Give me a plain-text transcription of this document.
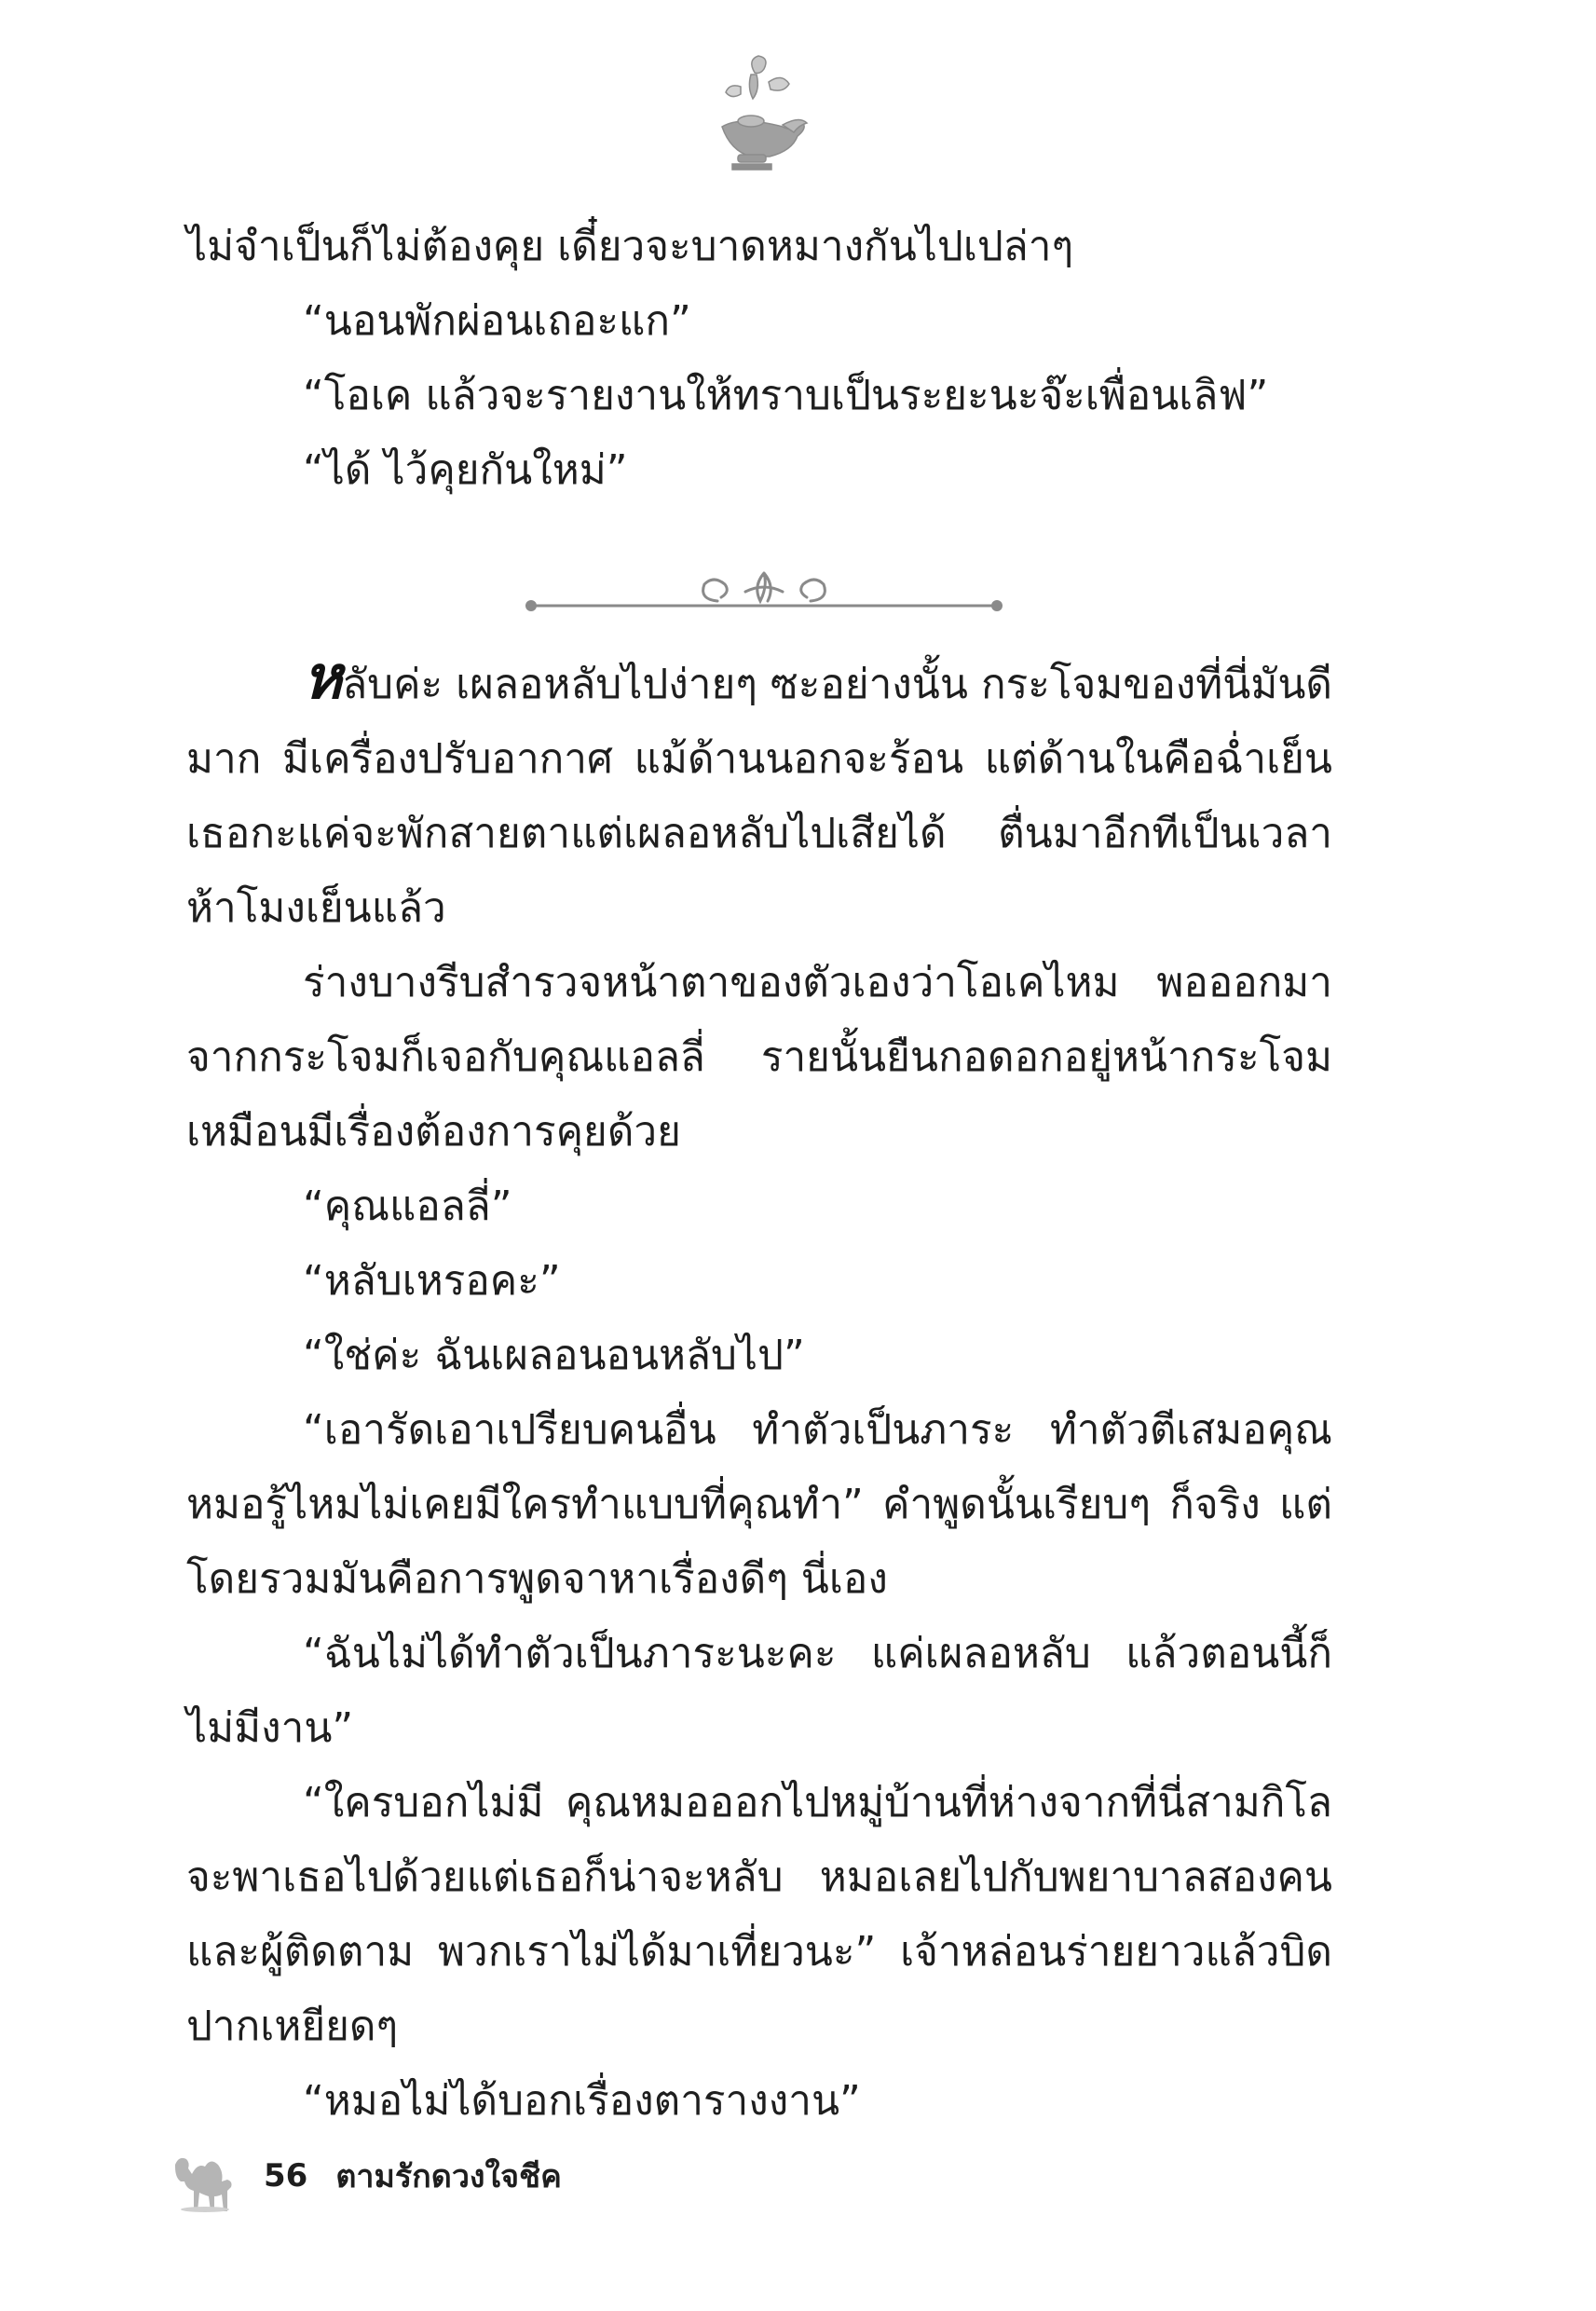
ไม่จำเป็นก็ไม่ต้องคุย เดี๋ยวจะบาดหมางกันไปเปล่าๆ

“นอนพักผ่อนเถอะแก”

“โอเค แล้วจะรายงานให้ทราบเป็นระยะนะจ๊ะเพื่อนเลิฟ”

“ได้ ไว้คุยกันใหม่”

หลับค่ะ เผลอหลับไปง่ายๆ ซะอย่างนั้น กระโจมของที่นี่มันดีมาก มีเครื่องปรับอากาศ แม้ด้านนอกจะร้อน แต่ด้านในคือฉ่ำเย็น เธอกะแค่จะพักสายตาแต่เผลอหลับไปเสียได้ ตื่นมาอีกทีเป็นเวลาห้าโมงเย็นแล้ว

ร่างบางรีบสำรวจหน้าตาของตัวเองว่าโอเคไหม พอออกมาจากกระโจมก็เจอกับคุณแอลลี่ รายนั้นยืนกอดอกอยู่หน้ากระโจม เหมือนมีเรื่องต้องการคุยด้วย

“คุณแอลลี่”

“หลับเหรอคะ”

“ใช่ค่ะ ฉันเผลอนอนหลับไป”

“เอารัดเอาเปรียบคนอื่น ทำตัวเป็นภาระ ทำตัวตีเสมอคุณหมอรู้ไหมไม่เคยมีใครทำแบบที่คุณทำ” คำพูดนั้นเรียบๆ ก็จริง แต่โดยรวมมันคือการพูดจาหาเรื่องดีๆ นี่เอง

“ฉันไม่ได้ทำตัวเป็นภาระนะคะ แค่เผลอหลับ แล้วตอนนี้ก็ไม่มีงาน”

“ใครบอกไม่มี คุณหมอออกไปหมู่บ้านที่ห่างจากที่นี่สามกิโลจะพาเธอไปด้วยแต่เธอก็น่าจะหลับ หมอเลยไปกับพยาบาลสองคนและผู้ติดตาม พวกเราไม่ได้มาเที่ยวนะ” เจ้าหล่อนร่ายยาวแล้วบิดปากเหยียดๆ

“หมอไม่ได้บอกเรื่องตารางงาน”

56 ตามรักดวงใจชีค
